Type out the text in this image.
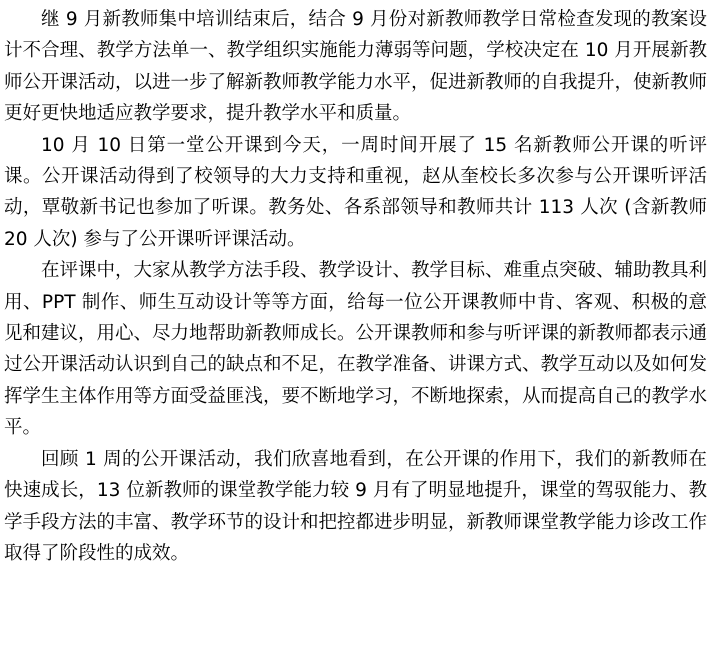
继 9 月新教师集中培训结束后，结合 9 月份对新教师教学日常检查发现的教案设计不合理、教学方法单一、教学组织实施能力薄弱等问题，学校决定在 10 月开展新教师公开课活动，以进一步了解新教师教学能力水平，促进新教师的自我提升，使新教师更好更快地适应教学要求，提升教学水平和质量。

10 月 10 日第一堂公开课到今天，一周时间开展了 15 名新教师公开课的听评课。公开课活动得到了校领导的大力支持和重视，赵从奎校长多次参与公开课听评活动，覃敬新书记也参加了听课。教务处、各系部领导和教师共计 113 人次 (含新教师 20 人次) 参与了公开课听评课活动。

在评课中，大家从教学方法手段、教学设计、教学目标、难重点突破、辅助教具利用、PPT 制作、师生互动设计等等方面，给每一位公开课教师中肯、客观、积极的意见和建议，用心、尽力地帮助新教师成长。公开课教师和参与听评课的新教师都表示通过公开课活动认识到自己的缺点和不足，在教学准备、讲课方式、教学互动以及如何发挥学生主体作用等方面受益匪浅，要不断地学习，不断地探索，从而提高自己的教学水平。

回顾 1 周的公开课活动，我们欣喜地看到，在公开课的作用下，我们的新教师在快速成长，13 位新教师的课堂教学能力较 9 月有了明显地提升，课堂的驾驭能力、教学手段方法的丰富、教学环节的设计和把控都进步明显，新教师课堂教学能力诊改工作取得了阶段性的成效。
